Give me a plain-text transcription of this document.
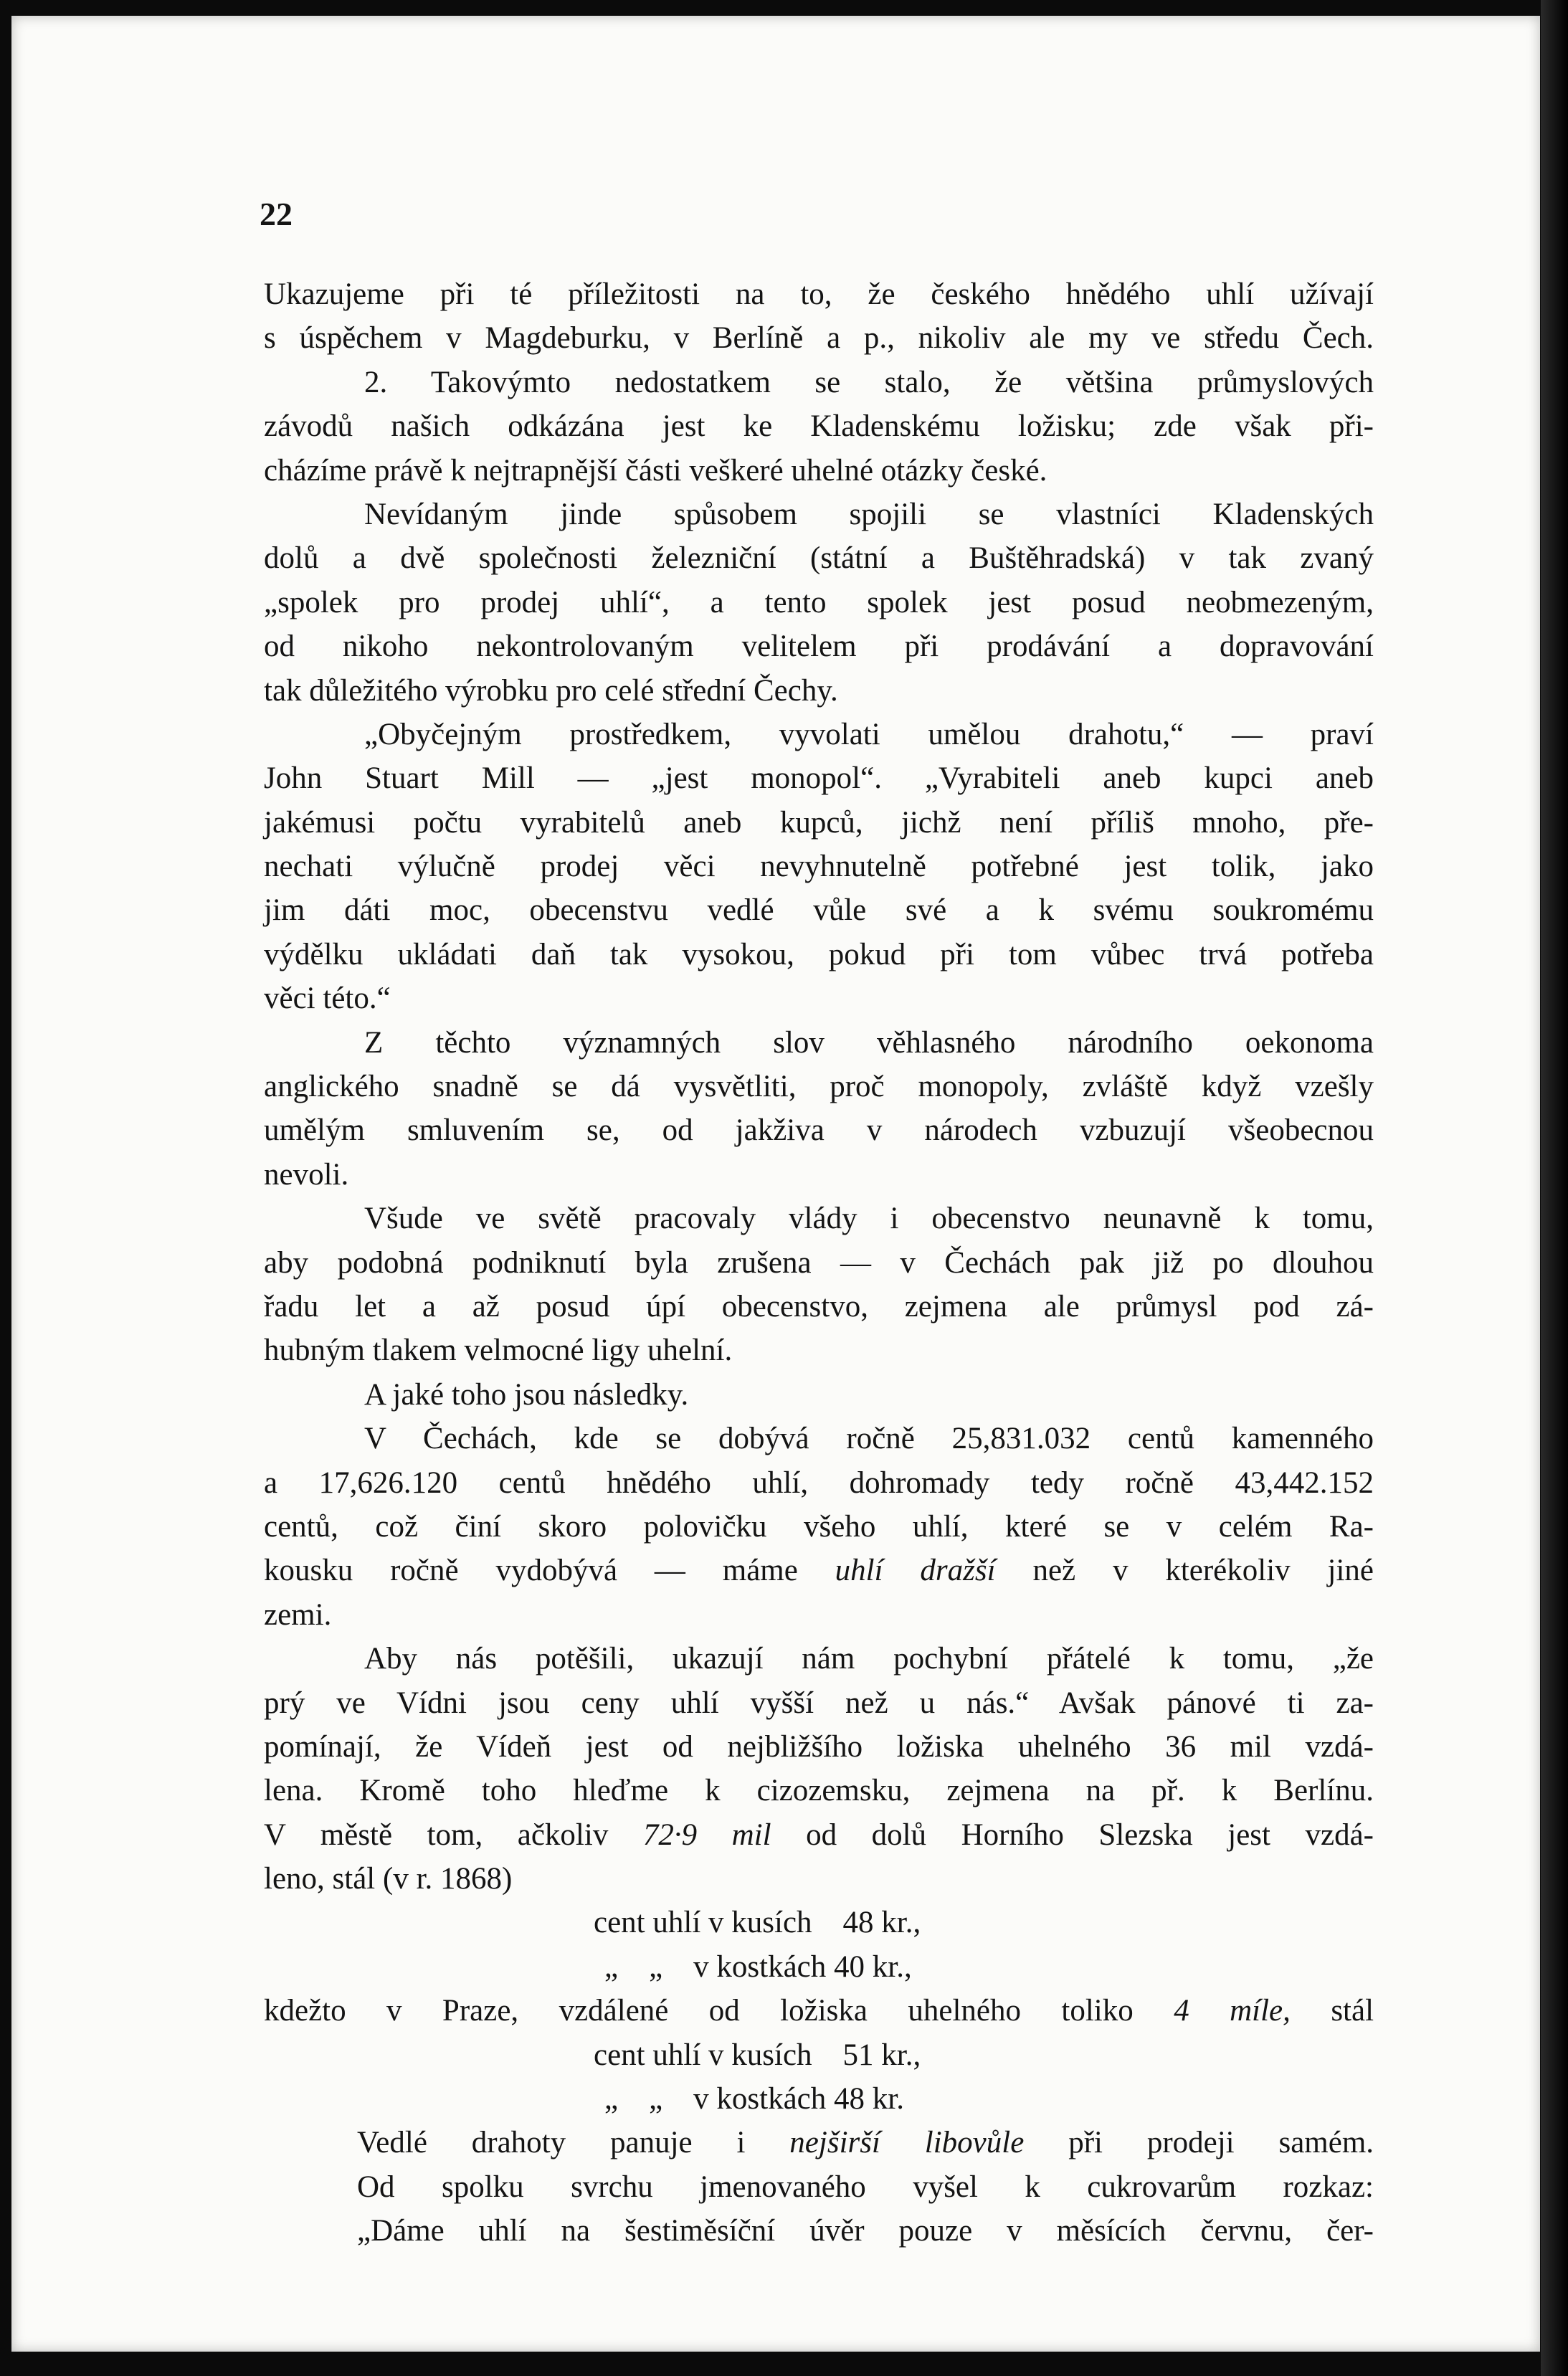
22
Ukazujeme při té příležitosti na to, že českého hnědého uhlí užívají
s úspěchem v Magdeburku, v Berlíně a p., nikoliv ale my ve středu Čech.
2. Takovýmto nedostatkem se stalo, že většina průmyslových
závodů našich odkázána jest ke Kladenskému ložisku; zde však při-
cházíme právě k nejtrapnější části veškeré uhelné otázky české.
Nevídaným jinde spůsobem spojili se vlastníci Kladenských
dolů a dvě společnosti železniční (státní a Buštěhradská) v tak zvaný
„spolek pro prodej uhlí“, a tento spolek jest posud neobmezeným,
od nikoho nekontrolovaným velitelem při prodávání a dopravování
tak důležitého výrobku pro celé střední Čechy.
„Obyčejným prostředkem, vyvolati umělou drahotu,“ — praví
John Stuart Mill — „jest monopol“. „Vyrabiteli aneb kupci aneb
jakémusi počtu vyrabitelů aneb kupců, jichž není příliš mnoho, pře-
nechati výlučně prodej věci nevyhnutelně potřebné jest tolik, jako
jim dáti moc, obecenstvu vedlé vůle své a k svému soukromému
výdělku ukládati daň tak vysokou, pokud při tom vůbec trvá potřeba
věci této.“
Z těchto významných slov věhlasného národního oekonoma
anglického snadně se dá vysvětliti, proč monopoly, zvláště když vzešly
umělým smluvením se, od jakživa v národech vzbuzují všeobecnou
nevoli.
Všude ve světě pracovaly vlády i obecenstvo neunavně k tomu,
aby podobná podniknutí byla zrušena — v Čechách pak již po dlouhou
řadu let a až posud úpí obecenstvo, zejmena ale průmysl pod zá-
hubným tlakem velmocné ligy uhelní.
A jaké toho jsou následky.
V Čechách, kde se dobývá ročně 25,831.032 centů kamenného
a 17,626.120 centů hnědého uhlí, dohromady tedy ročně 43,442.152
centů, což činí skoro polovičku všeho uhlí, které se v celém Ra-
kousku ročně vydobývá — máme uhlí dražší než v kterékoliv jiné
zemi.
Aby nás potěšili, ukazují nám pochybní přátelé k tomu, „že
prý ve Vídni jsou ceny uhlí vyšší než u nás.“ Avšak pánové ti za-
pomínají, že Vídeň jest od nejbližšího ložiska uhelného 36 mil vzdá-
lena. Kromě toho hleďme k cizozemsku, zejmena na př. k Berlínu.
V městě tom, ačkoliv 72·9 mil od dolů Horního Slezska jest vzdá-
leno, stál (v r. 1868)
cent uhlí v kusích    48 kr.,
„    „    v kostkách 40 kr.,
kdežto v Praze, vzdálené od ložiska uhelného toliko 4 míle, stál
cent uhlí v kusích    51 kr.,
„    „    v kostkách 48 kr.
Vedlé drahoty panuje i nejširší libovůle při prodeji samém.
Od spolku svrchu jmenovaného vyšel k cukrovarům rozkaz:
„Dáme uhlí na šestiměsíční úvěr pouze v měsících červnu, čer-
